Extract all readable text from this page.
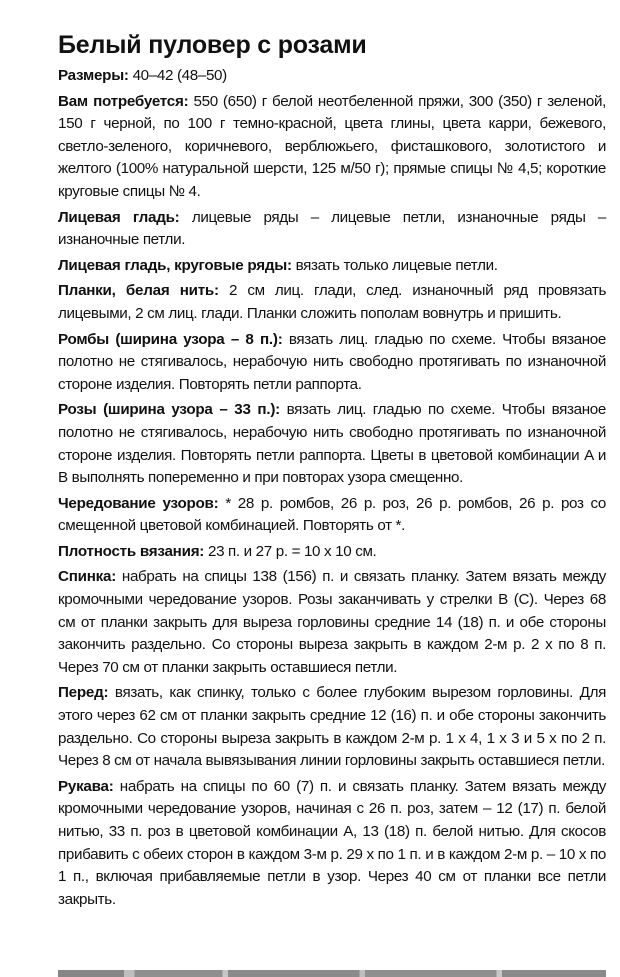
Белый пуловер с розами

Размеры: 40–42 (48–50)

Вам потребуется: 550 (650) г белой неотбеленной пряжи, 300 (350) г зеленой, 150 г черной, по 100 г темно-красной, цвета глины, цвета карри, бежевого, светло-зеленого, коричневого, верблюжьего, фисташкового, золотистого и желтого (100% натуральной шерсти, 125 м/50 г); прямые спицы № 4,5; короткие круговые спицы № 4.

Лицевая гладь: лицевые ряды – лицевые петли, изнаночные ряды – изнаночные петли.

Лицевая гладь, круговые ряды: вязать только лицевые петли.

Планки, белая нить: 2 см лиц. глади, след. изнаночный ряд провязать лицевыми, 2 см лиц. глади. Планки сложить пополам вовнутрь и пришить.

Ромбы (ширина узора – 8 п.): вязать лиц. гладью по схеме. Чтобы вязаное полотно не стягивалось, нерабочую нить свободно протягивать по изнаночной стороне изделия. Повторять петли раппорта.

Розы (ширина узора – 33 п.): вязать лиц. гладью по схеме. Чтобы вязаное полотно не стягивалось, нерабочую нить свободно протягивать по изнаночной стороне изделия. Повторять петли раппорта. Цветы в цветовой комбинации A и B выполнять попеременно и при повторах узора смещенно.

Чередование узоров: * 28 р. ромбов, 26 р. роз, 26 р. ромбов, 26 р. роз со смещенной цветовой комбинацией. Повторять от *.

Плотность вязания: 23 п. и 27 р. = 10 х 10 см.

Спинка: набрать на спицы 138 (156) п. и связать планку. Затем вязать между кромочными чередование узоров. Розы заканчивать у стрелки B (C). Через 68 см от планки закрыть для выреза горловины средние 14 (18) п. и обе стороны закончить раздельно. Со стороны выреза закрыть в каждом 2-м р. 2 х по 8 п. Через 70 см от планки закрыть оставшиеся петли.

Перед: вязать, как спинку, только с более глубоким вырезом горловины. Для этого через 62 см от планки закрыть средние 12 (16) п. и обе стороны закончить раздельно. Со стороны выреза закрыть в каждом 2-м р. 1 х 4, 1 х 3 и 5 х по 2 п. Через 8 см от начала вывязывания линии горловины закрыть оставшиеся петли.

Рукава: набрать на спицы по 60 (7) п. и связать планку. Затем вязать между кромочными чередование узоров, начиная с 26 п. роз, затем – 12 (17) п. белой нитью, 33 п. роз в цветовой комбинации A, 13 (18) п. белой нитью. Для скосов прибавить с обеих сторон в каждом 3-м р. 29 х по 1 п. и в каждом 2-м р. – 10 х по 1 п., включая прибавляемые петли в узор. Через 40 см от планки все петли закрыть.
